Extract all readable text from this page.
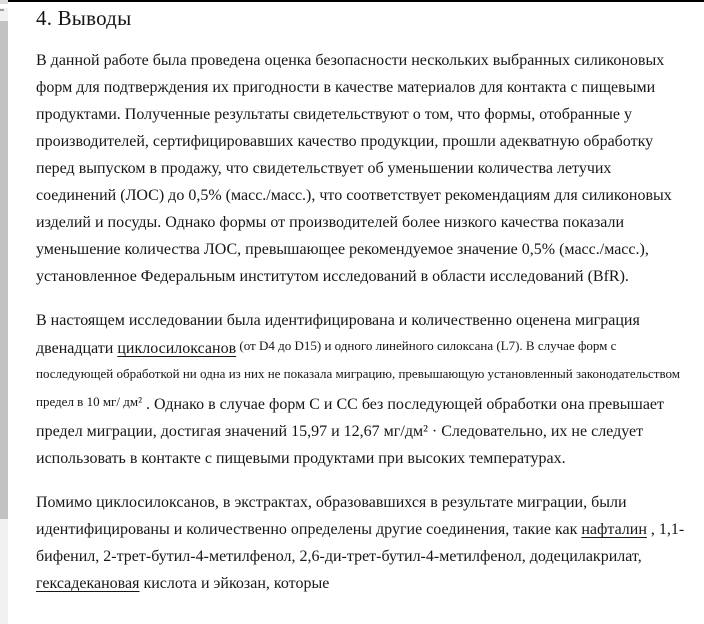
4. Выводы

В данной работе была проведена оценка безопасности нескольких выбранных силиконовых форм для подтверждения их пригодности в качестве материалов для контакта с пищевыми продуктами. Полученные результаты свидетельствуют о том, что формы, отобранные у производителей, сертифицировавших качество продукции, прошли адекватную обработку перед выпуском в продажу, что свидетельствует об уменьшении количества летучих соединений (ЛОС) до 0,5% (масс./масс.), что соответствует рекомендациям для силиконовых изделий и посуды. Однако формы от производителей более низкого качества показали уменьшение количества ЛОС, превышающее рекомендуемое значение 0,5% (масс./масс.), установленное Федеральным институтом исследований в области исследований (BfR).

В настоящем исследовании была идентифицирована и количественно оценена миграция двенадцати циклосилоксанов (от D4 до D15) и одного линейного силоксана (L7). В случае форм с последующей обработкой ни одна из них не показала миграцию, превышающую установленный законодательством предел в 10 мг/ дм² . Однако в случае форм C и CC без последующей обработки она превышает предел миграции, достигая значений 15,97 и 12,67 мг/дм² · Следовательно, их не следует использовать в контакте с пищевыми продуктами при высоких температурах.

Помимо циклосилоксанов, в экстрактах, образовавшихся в результате миграции, были идентифицированы и количественно определены другие соединения, такие как нафталин , 1,1-бифенил, 2-трет-бутил-4-метилфенол, 2,6-ди-трет-бутил-4-метилфенол, додецилакрилат, гексадекановая кислота и эйкозан, которые
